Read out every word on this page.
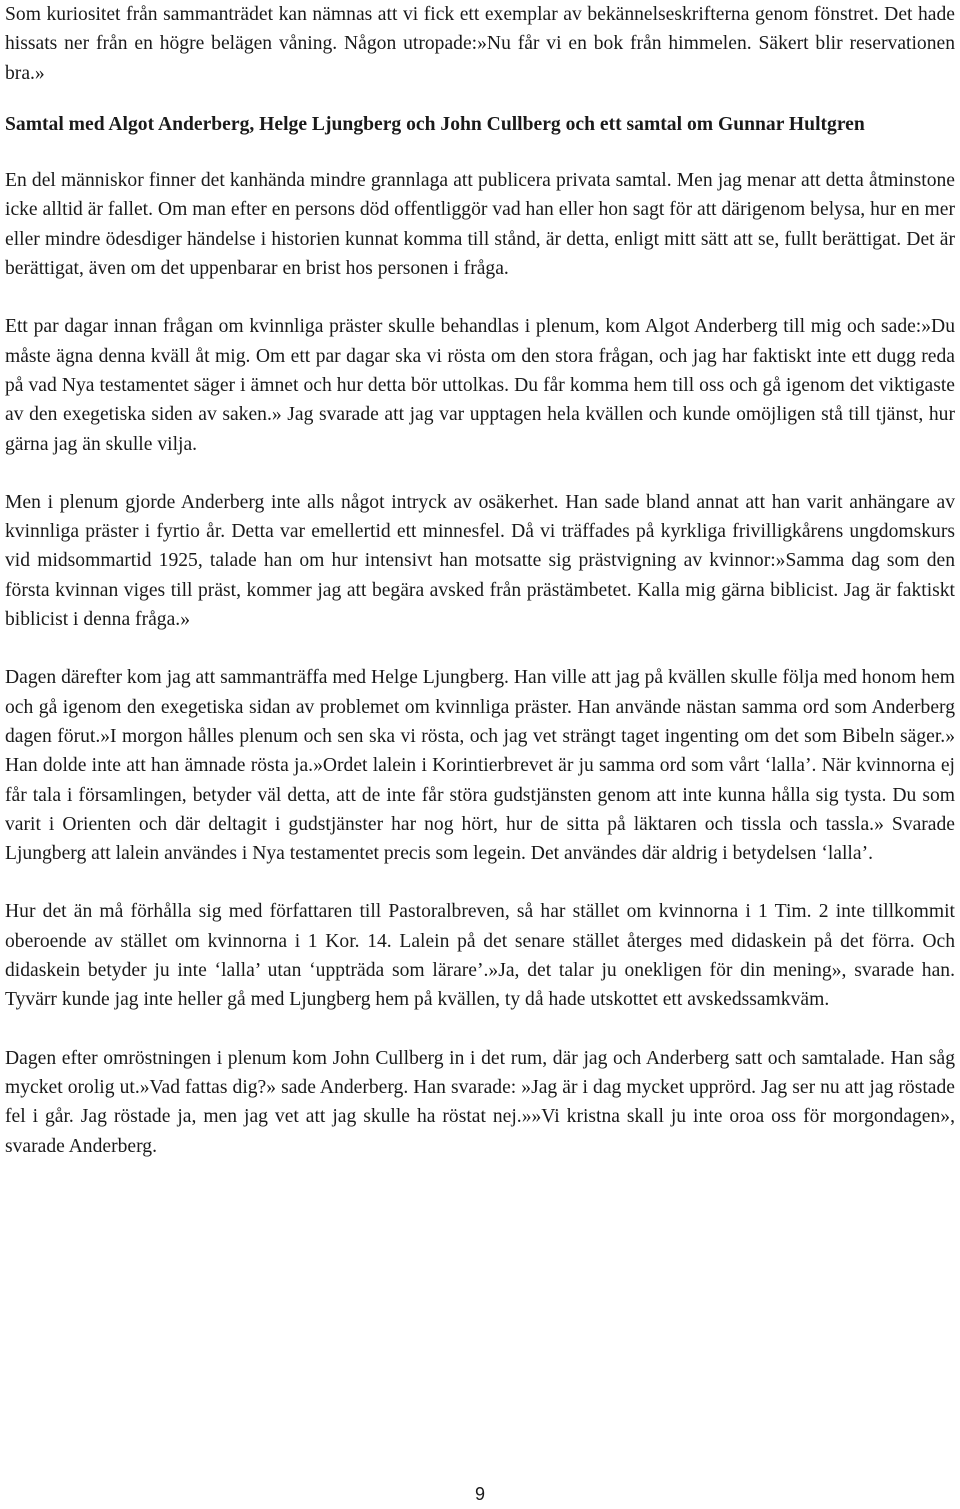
Som kuriositet från sammanträdet kan nämnas att vi fick ett exemplar av bekännelseskrifterna genom fönstret. Det hade hissats ner från en högre belägen våning. Någon utropade:»Nu får vi en bok från himmelen. Säkert blir reservationen bra.»

Samtal med Algot Anderberg, Helge Ljungberg och John Cullberg och ett samtal om Gunnar Hultgren

En del människor finner det kanhända mindre grannlaga att publicera privata samtal. Men jag menar att detta åtminstone icke alltid är fallet. Om man efter en persons död offentliggör vad han eller hon sagt för att därigenom belysa, hur en mer eller mindre ödesdiger händelse i historien kunnat komma till stånd, är detta, enligt mitt sätt att se, fullt berättigat. Det är berättigat, även om det uppenbarar en brist hos personen i fråga.

Ett par dagar innan frågan om kvinnliga präster skulle behandlas i plenum, kom Algot Anderberg till mig och sade:»Du måste ägna denna kväll åt mig. Om ett par dagar ska vi rösta om den stora frågan, och jag har faktiskt inte ett dugg reda på vad Nya testamentet säger i ämnet och hur detta bör uttolkas. Du får komma hem till oss och gå igenom det viktigaste av den exegetiska siden av saken.» Jag svarade att jag var upptagen hela kvällen och kunde omöjligen stå till tjänst, hur gärna jag än skulle vilja.

Men i plenum gjorde Anderberg inte alls något intryck av osäkerhet. Han sade bland annat att han varit anhängare av kvinnliga präster i fyrtio år. Detta var emellertid ett minnesfel. Då vi träffades på kyrkliga frivilligkårens ungdomskurs vid midsommartid 1925, talade han om hur intensivt han motsatte sig prästvigning av kvinnor:»Samma dag som den första kvinnan viges till präst, kommer jag att begära avsked från prästämbetet. Kalla mig gärna biblicist. Jag är faktiskt biblicist i denna fråga.»

Dagen därefter kom jag att sammanträffa med Helge Ljungberg. Han ville att jag på kvällen skulle följa med honom hem och gå igenom den exegetiska sidan av problemet om kvinnliga präster. Han använde nästan samma ord som Anderberg dagen förut.»I morgon hålles plenum och sen ska vi rösta, och jag vet strängt taget ingenting om det som Bibeln säger.» Han dolde inte att han ämnade rösta ja.»Ordet lalein i Korintierbrevet är ju samma ord som vårt ‘lalla’. När kvinnorna ej får tala i församlingen, betyder väl detta, att de inte får störa gudstjänsten genom att inte kunna hålla sig tysta. Du som varit i Orienten och där deltagit i gudstjänster har nog hört, hur de sitta på läktaren och tissla och tassla.» Svarade Ljungberg att lalein användes i Nya testamentet precis som legein. Det användes där aldrig i betydelsen ‘lalla’.

Hur det än må förhålla sig med författaren till Pastoralbreven, så har stället om kvinnorna i 1 Tim. 2 inte tillkommit oberoende av stället om kvinnorna i 1 Kor. 14. Lalein på det senare stället återges med didaskein på det förra. Och didaskein betyder ju inte ‘lalla’ utan ‘uppträda som lärare’.»Ja, det talar ju onekligen för din mening», svarade han. Tyvärr kunde jag inte heller gå med Ljungberg hem på kvällen, ty då hade utskottet ett avskedssamkväm.

Dagen efter omröstningen i plenum kom John Cullberg in i det rum, där jag och Anderberg satt och samtalade. Han såg mycket orolig ut.»Vad fattas dig?» sade Anderberg. Han svarade: »Jag är i dag mycket upprörd. Jag ser nu att jag röstade fel i går. Jag röstade ja, men jag vet att jag skulle ha röstat nej.»»Vi kristna skall ju inte oroa oss för morgondagen», svarade Anderberg.

9
